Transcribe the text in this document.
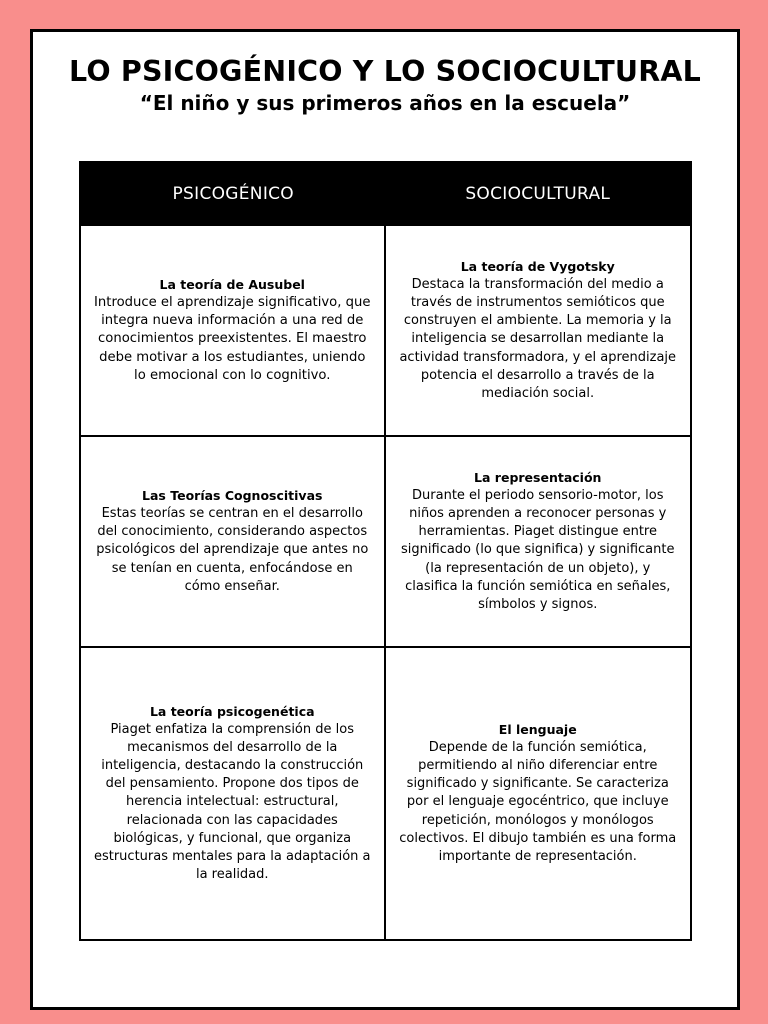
LO PSICOGÉNICO Y LO SOCIOCULTURAL
“El niño y sus primeros años en la escuela”
PSICOGÉNICO	SOCIOCULTURAL
La teoría de Ausubel

Introduce el aprendizaje significativo, que integra nueva información a una red de conocimientos preexistentes. El maestro debe motivar a los estudiantes, uniendo lo emocional con lo cognitivo.

La teoría de Vygotsky

Destaca la transformación del medio a través de instrumentos semióticos que construyen el ambiente. La memoria y la inteligencia se desarrollan mediante la actividad transformadora, y el aprendizaje potencia el desarrollo a través de la mediación social.

Las Teorías Cognoscitivas

Estas teorías se centran en el desarrollo del conocimiento, considerando aspectos psicológicos del aprendizaje que antes no se tenían en cuenta, enfocándose en cómo enseñar.

La representación

Durante el periodo sensorio-motor, los niños aprenden a reconocer personas y herramientas. Piaget distingue entre significado (lo que significa) y significante (la representación de un objeto), y clasifica la función semiótica en señales, símbolos y signos.

La teoría psicogenética

Piaget enfatiza la comprensión de los mecanismos del desarrollo de la inteligencia, destacando la construcción del pensamiento. Propone dos tipos de herencia intelectual: estructural, relacionada con las capacidades biológicas, y funcional, que organiza estructuras mentales para la adaptación a la realidad.

El lenguaje

Depende de la función semiótica, permitiendo al niño diferenciar entre significado y significante. Se caracteriza por el lenguaje egocéntrico, que incluye repetición, monólogos y monólogos colectivos. El dibujo también es una forma importante de representación.
